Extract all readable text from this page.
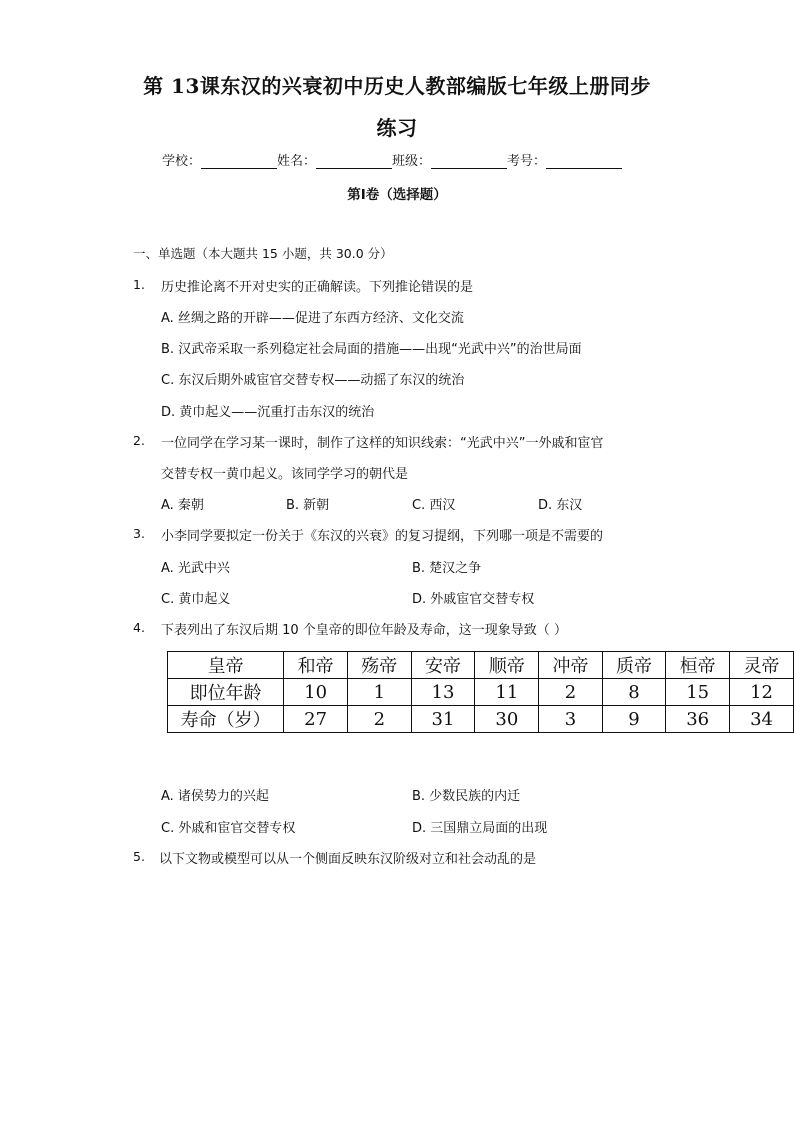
第 13课东汉的兴衰初中历史人教部编版七年级上册同步
练习
学校：	姓名：	班级：	考号：
第I卷（选择题）
一、单选题（本大题共 15 小题，共 30.0 分）
1. 历史推论离不开对史实的正确解读。下列推论错误的是
A. 丝绸之路的开辟——促进了东西方经济、文化交流
B. 汉武帝采取一系列稳定社会局面的措施——出现“光武中兴”的治世局面
C. 东汉后期外戚宦官交替专权——动摇了东汉的统治
D. 黄巾起义——沉重打击东汉的统治
2. 一位同学在学习某一课时，制作了这样的知识线索：“光武中兴”一外戚和宦官
交替专权一黄巾起义。该同学学习的朝代是
A. 秦朝	B. 新朝	C. 西汉	D. 东汉
3. 小李同学要拟定一份关于《东汉的兴衰》的复习提纲，下列哪一项是不需要的
A. 光武中兴	B. 楚汉之争
C. 黄巾起义	D. 外戚宦官交替专权
4. 下表列出了东汉后期 10 个皇帝的即位年龄及寿命，这一现象导致（ ）
皇帝	和帝	殇帝	安帝	顺帝	冲帝	质帝	桓帝	灵帝
即位年龄	10	1	13	11	2	8	15	12
寿命（岁）	27	2	31	30	3	9	36	34
A. 诸侯势力的兴起	B. 少数民族的内迁
C. 外戚和宦官交替专权	D. 三国鼎立局面的出现
5. 以下文物或模型可以从一个侧面反映东汉阶级对立和社会动乱的是
